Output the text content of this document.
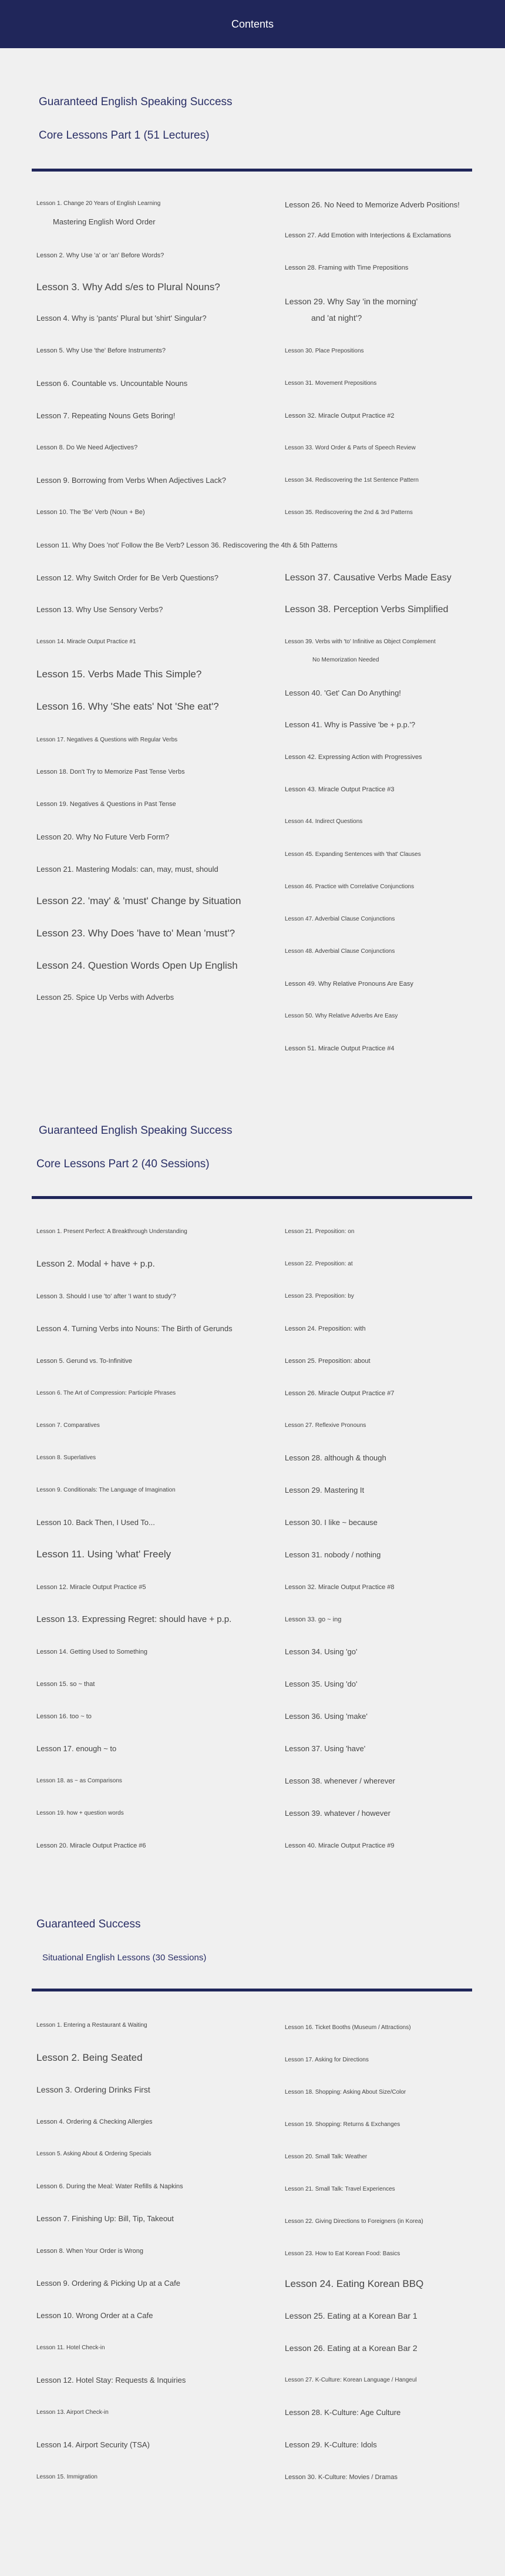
Contents
Guaranteed English Speaking Success
Core Lessons Part 1 (51 Lectures)
Lesson 1. Change 20 Years of English Learning
Mastering English Word Order
Lesson 2. Why Use 'a' or 'an' Before Words?
Lesson 3. Why Add s/es to Plural Nouns?
Lesson 4. Why is 'pants' Plural but 'shirt' Singular?
Lesson 5. Why Use 'the' Before Instruments?
Lesson 6. Countable vs. Uncountable Nouns
Lesson 7. Repeating Nouns Gets Boring!
Lesson 8. Do We Need Adjectives?
Lesson 9. Borrowing from Verbs When Adjectives Lack?
Lesson 10. The 'Be' Verb (Noun + Be)
Lesson 11. Why Does 'not' Follow the Be Verb? Lesson 36. Rediscovering the 4th & 5th Patterns
Lesson 12. Why Switch Order for Be Verb Questions?
Lesson 13. Why Use Sensory Verbs?
Lesson 14. Miracle Output Practice #1
Lesson 15. Verbs Made This Simple?
Lesson 16. Why 'She eats' Not 'She eat'?
Lesson 17. Negatives & Questions with Regular Verbs
Lesson 18. Don't Try to Memorize Past Tense Verbs
Lesson 19. Negatives & Questions in Past Tense
Lesson 20. Why No Future Verb Form?
Lesson 21. Mastering Modals: can, may, must, should
Lesson 22. 'may' & 'must' Change by Situation
Lesson 23. Why Does 'have to' Mean 'must'?
Lesson 24. Question Words Open Up English
Lesson 25. Spice Up Verbs with Adverbs
Lesson 26. No Need to Memorize Adverb Positions!
Lesson 27. Add Emotion with Interjections & Exclamations
Lesson 28. Framing with Time Prepositions
Lesson 29. Why Say 'in the morning'
and 'at night'?
Lesson 30. Place Prepositions
Lesson 31. Movement Prepositions
Lesson 32. Miracle Output Practice #2
Lesson 33. Word Order & Parts of Speech Review
Lesson 34. Rediscovering the 1st Sentence Pattern
Lesson 35. Rediscovering the 2nd & 3rd Patterns
Lesson 37. Causative Verbs Made Easy
Lesson 38. Perception Verbs Simplified
Lesson 39. Verbs with 'to' Infinitive as Object Complement
No Memorization Needed
Lesson 40. 'Get' Can Do Anything!
Lesson 41. Why is Passive 'be + p.p.'?
Lesson 42. Expressing Action with Progressives
Lesson 43. Miracle Output Practice #3
Lesson 44. Indirect Questions
Lesson 45. Expanding Sentences with 'that' Clauses
Lesson 46. Practice with Correlative Conjunctions
Lesson 47. Adverbial Clause Conjunctions
Lesson 48. Adverbial Clause Conjunctions
Lesson 49. Why Relative Pronouns Are Easy
Lesson 50. Why Relative Adverbs Are Easy
Lesson 51. Miracle Output Practice #4
Guaranteed English Speaking Success
Core Lessons Part 2 (40 Sessions)
Lesson 1. Present Perfect: A Breakthrough Understanding
Lesson 2. Modal + have + p.p.
Lesson 3. Should I use 'to' after 'I want to study'?
Lesson 4. Turning Verbs into Nouns: The Birth of Gerunds
Lesson 5. Gerund vs. To-Infinitive
Lesson 6. The Art of Compression: Participle Phrases
Lesson 7. Comparatives
Lesson 8. Superlatives
Lesson 9. Conditionals: The Language of Imagination
Lesson 10. Back Then, I Used To...
Lesson 11. Using 'what' Freely
Lesson 12. Miracle Output Practice #5
Lesson 13. Expressing Regret: should have + p.p.
Lesson 14. Getting Used to Something
Lesson 15. so ~ that
Lesson 16. too ~ to
Lesson 17. enough ~ to
Lesson 18. as ~ as Comparisons
Lesson 19. how + question words
Lesson 20. Miracle Output Practice #6
Lesson 21. Preposition: on
Lesson 22. Preposition: at
Lesson 23. Preposition: by
Lesson 24. Preposition: with
Lesson 25. Preposition: about
Lesson 26. Miracle Output Practice #7
Lesson 27. Reflexive Pronouns
Lesson 28. although & though
Lesson 29. Mastering It
Lesson 30. I like ~ because
Lesson 31. nobody / nothing
Lesson 32. Miracle Output Practice #8
Lesson 33. go ~ ing
Lesson 34. Using 'go'
Lesson 35. Using 'do'
Lesson 36. Using 'make'
Lesson 37. Using 'have'
Lesson 38. whenever / wherever
Lesson 39. whatever / however
Lesson 40. Miracle Output Practice #9
Guaranteed Success
Situational English Lessons (30 Sessions)
Lesson 1. Entering a Restaurant & Waiting
Lesson 2. Being Seated
Lesson 3. Ordering Drinks First
Lesson 4. Ordering & Checking Allergies
Lesson 5. Asking About & Ordering Specials
Lesson 6. During the Meal: Water Refills & Napkins
Lesson 7. Finishing Up: Bill, Tip, Takeout
Lesson 8. When Your Order is Wrong
Lesson 9. Ordering & Picking Up at a Cafe
Lesson 10. Wrong Order at a Cafe
Lesson 11. Hotel Check-in
Lesson 12. Hotel Stay: Requests & Inquiries
Lesson 13. Airport Check-in
Lesson 14. Airport Security (TSA)
Lesson 15. Immigration
Lesson 16. Ticket Booths (Museum / Attractions)
Lesson 17. Asking for Directions
Lesson 18. Shopping: Asking About Size/Color
Lesson 19. Shopping: Returns & Exchanges
Lesson 20. Small Talk: Weather
Lesson 21. Small Talk: Travel Experiences
Lesson 22. Giving Directions to Foreigners (in Korea)
Lesson 23. How to Eat Korean Food: Basics
Lesson 24. Eating Korean BBQ
Lesson 25. Eating at a Korean Bar 1
Lesson 26. Eating at a Korean Bar 2
Lesson 27. K-Culture: Korean Language / Hangeul
Lesson 28. K-Culture: Age Culture
Lesson 29. K-Culture: Idols
Lesson 30. K-Culture: Movies / Dramas
